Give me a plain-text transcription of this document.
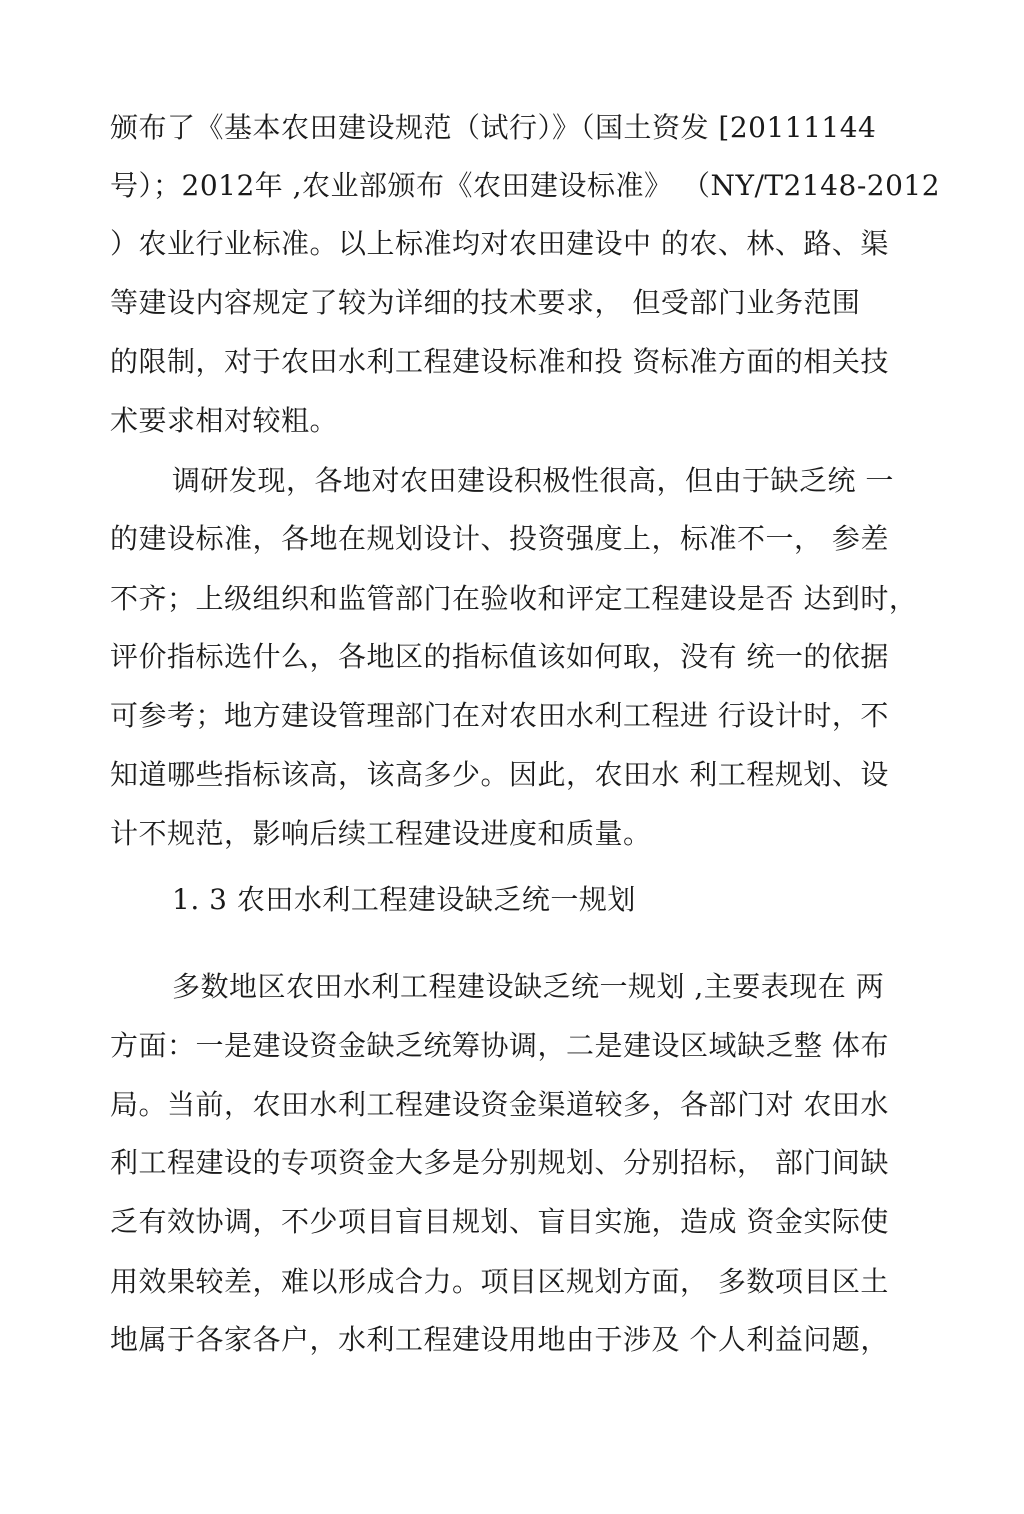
颁布了《基本农田建设规范（试行）》（国土资发 [20111144
号）；2012年 ,农业部颁布《农田建设标准》 （NY/T2148-2012
）农业行业标准。以上标准均对农田建设中 的农、林、路、渠
等建设内容规定了较为详细的技术要求， 但受部门业务范围
的限制，对于农田水利工程建设标准和投 资标准方面的相关技
术要求相对较粗。
调研发现，各地对农田建设积极性很高，但由于缺乏统 一
的建设标准，各地在规划设计、投资强度上，标准不一， 参差
不齐；上级组织和监管部门在验收和评定工程建设是否 达到时，
评价指标选什么，各地区的指标值该如何取，没有 统一的依据
可参考；地方建设管理部门在对农田水利工程进 行设计时，不
知道哪些指标该高，该高多少。因此，农田水 利工程规划、设
计不规范，影响后续工程建设进度和质量。
1. 3 农田水利工程建设缺乏统一规划
多数地区农田水利工程建设缺乏统一规划 ,主要表现在 两
方面：一是建设资金缺乏统筹协调，二是建设区域缺乏整 体布
局。当前，农田水利工程建设资金渠道较多，各部门对 农田水
利工程建设的专项资金大多是分别规划、分别招标， 部门间缺
乏有效协调，不少项目盲目规划、盲目实施，造成 资金实际使
用效果较差，难以形成合力。项目区规划方面， 多数项目区土
地属于各家各户，水利工程建设用地由于涉及 个人利益问题，
